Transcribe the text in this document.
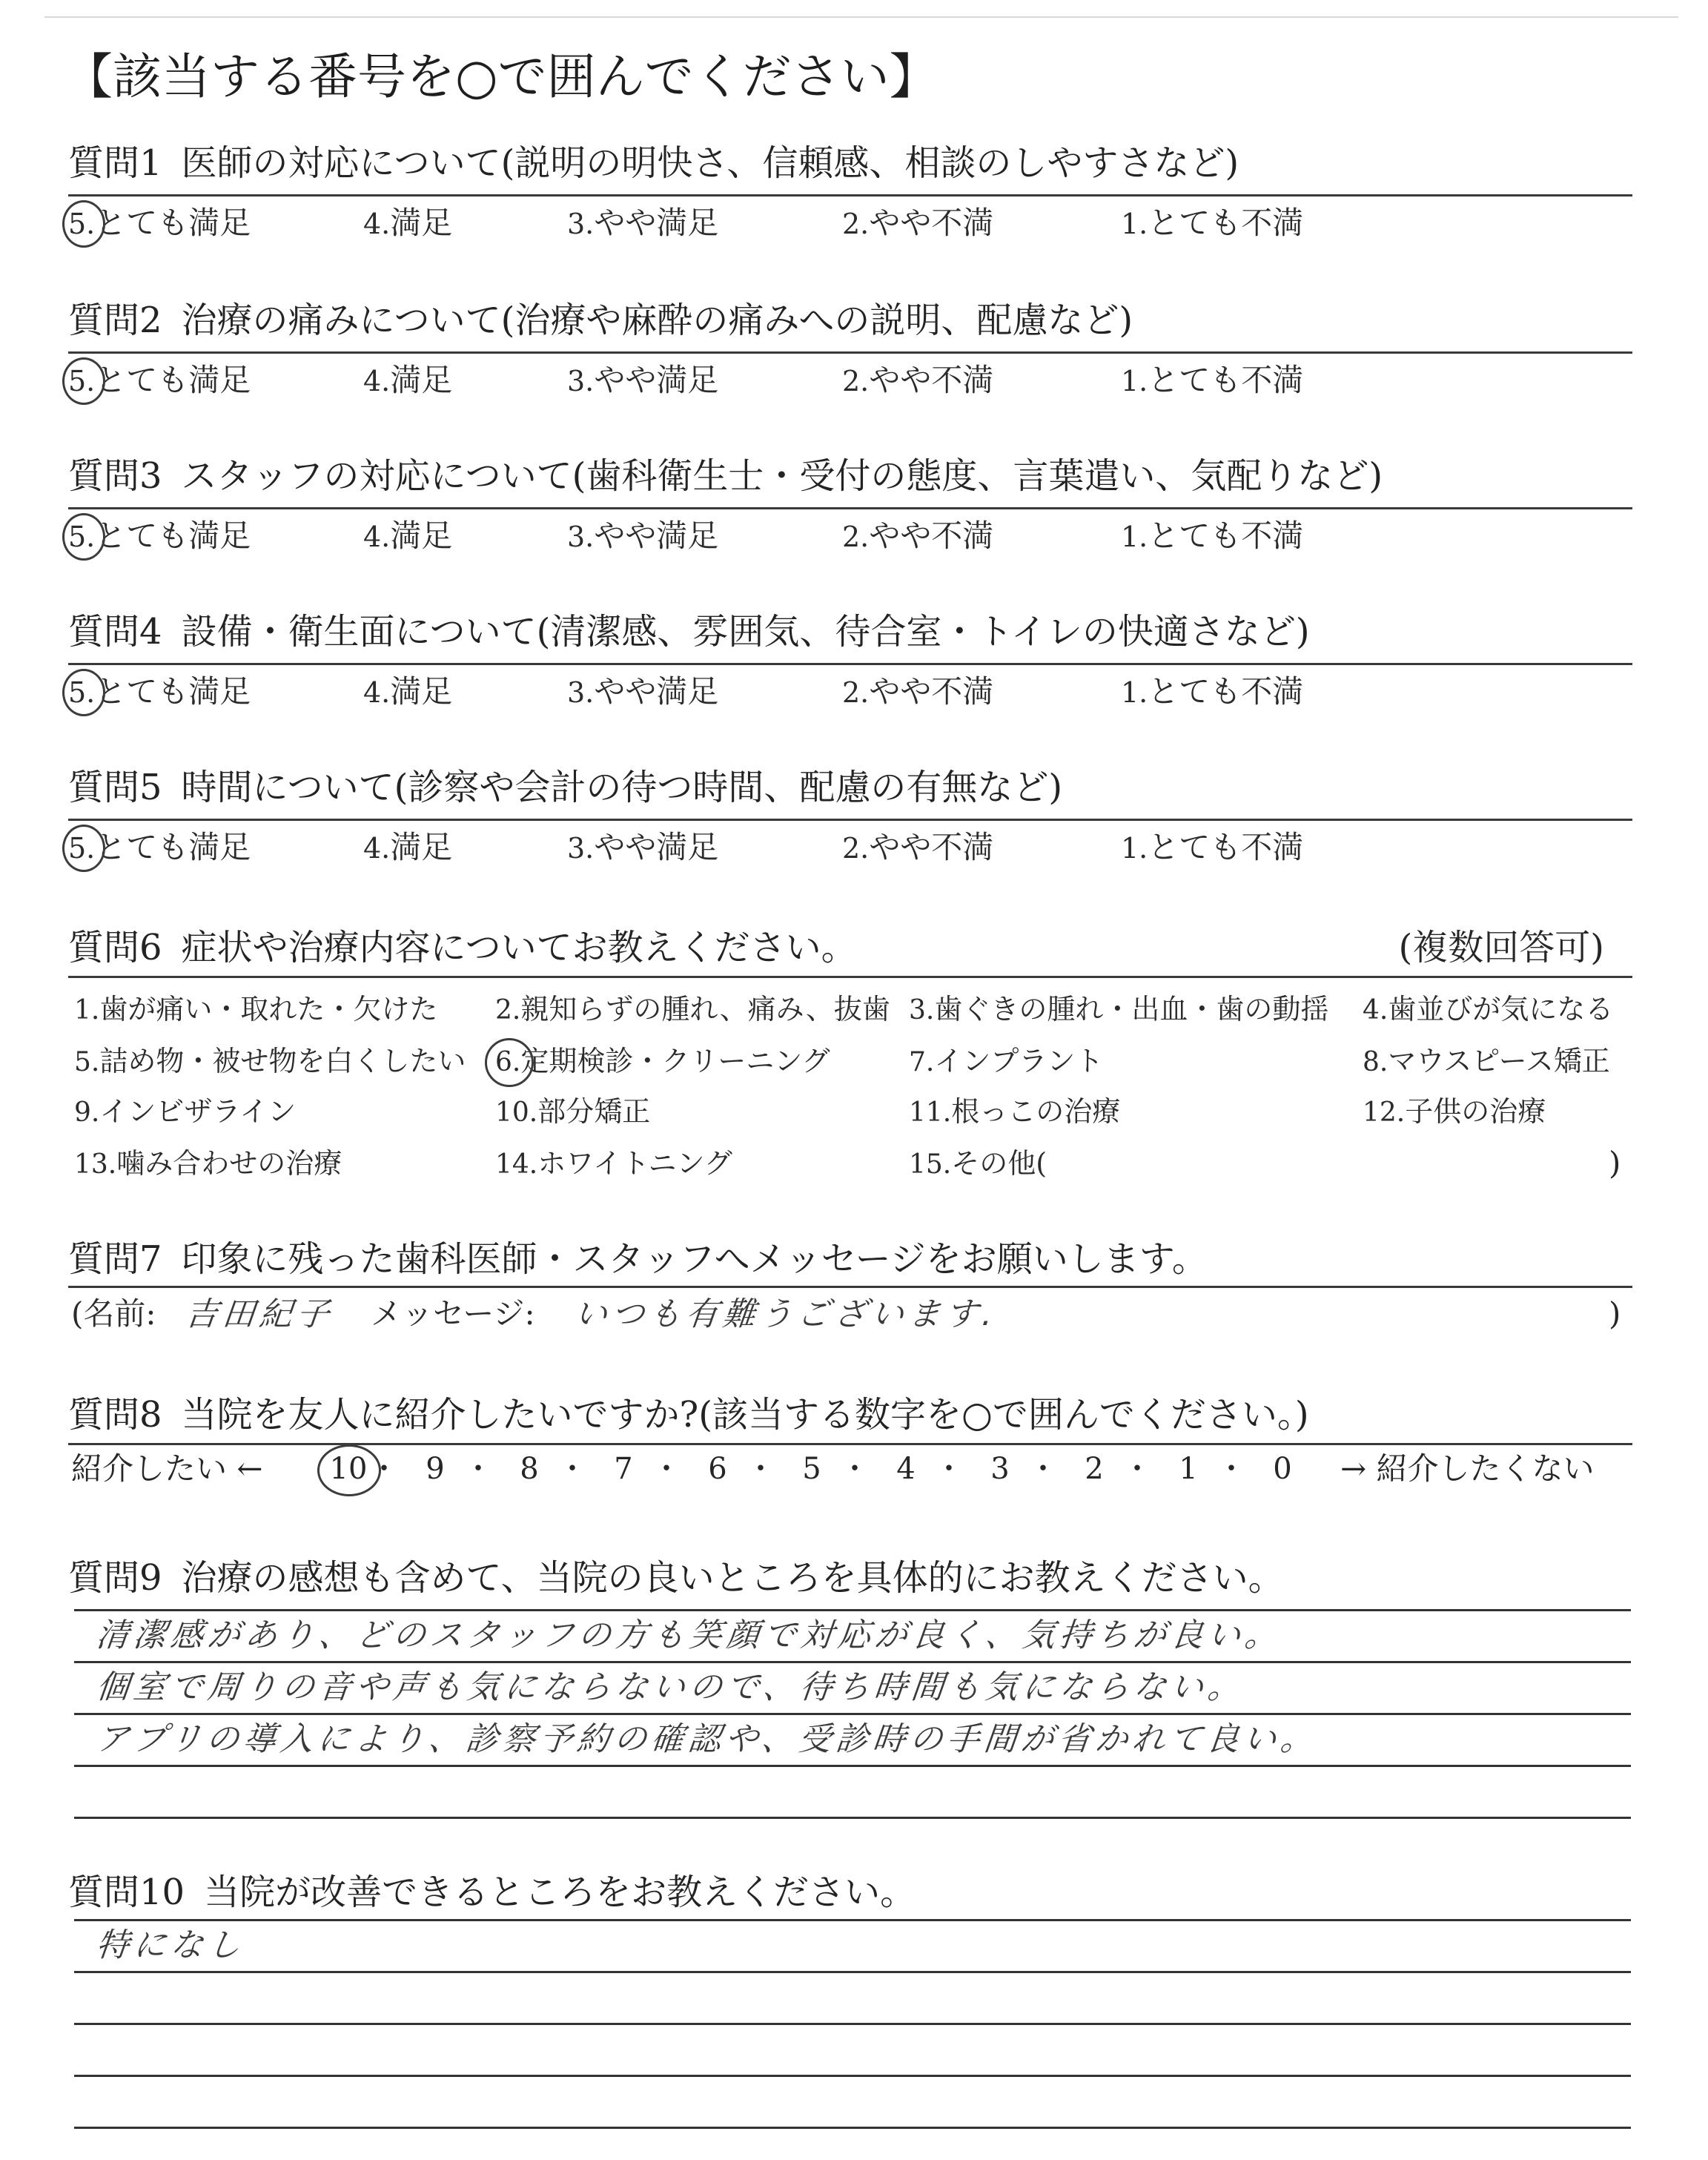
【該当する番号を○で囲んでください】
質問1 医師の対応について(説明の明快さ、信頼感、相談のしやすさなど)
5.とても満足	4.満足	3.やや満足	2.やや不満	1.とても不満
質問2 治療の痛みについて(治療や麻酔の痛みへの説明、配慮など)
5.とても満足	4.満足	3.やや満足	2.やや不満	1.とても不満
質問3 スタッフの対応について(歯科衛生士・受付の態度、言葉遣い、気配りなど)
5.とても満足	4.満足	3.やや満足	2.やや不満	1.とても不満
質問4 設備・衛生面について(清潔感、雰囲気、待合室・トイレの快適さなど)
5.とても満足	4.満足	3.やや満足	2.やや不満	1.とても不満
質問5 時間について(診察や会計の待つ時間、配慮の有無など)
5.とても満足	4.満足	3.やや満足	2.やや不満	1.とても不満
質問6 症状や治療内容についてお教えください。	(複数回答可)
1.歯が痛い・取れた・欠けた 2.親知らずの腫れ、痛み、抜歯 3.歯ぐきの腫れ・出血・歯の動揺 4.歯並びが気になる
5.詰め物・被せ物を白くしたい 6.定期検診・クリーニング	7.インプラント	8.マウスピース矯正
9.インビザライン	10.部分矯正	11.根っこの治療	12.子供の治療
13.噛み合わせの治療	14.ホワイトニング	15.その他(	)
質問7 印象に残った歯科医師・スタッフへメッセージをお願いします。
(名前: 吉田紀子 メッセージ: いつも有難うございます.	)
質問8 当院を友人に紹介したいですか?(該当する数字を○で囲んでください。)
紹介したい ←	→ 紹介したくない
10 ・ 9 ・ 8 ・ 7 ・ 6 ・ 5 ・ 4 ・ 3 ・ 2 ・ 1 ・ 0
質問9 治療の感想も含めて、当院の良いところを具体的にお教えください。
清潔感があり、どのスタッフの方も笑顔で対応が良く、気持ちが良い。
個室で周りの音や声も気にならないので、待ち時間も気にならない。
アプリの導入により、診察予約の確認や、受診時の手間が省かれて良い。
質問10 当院が改善できるところをお教えください。
特になし
